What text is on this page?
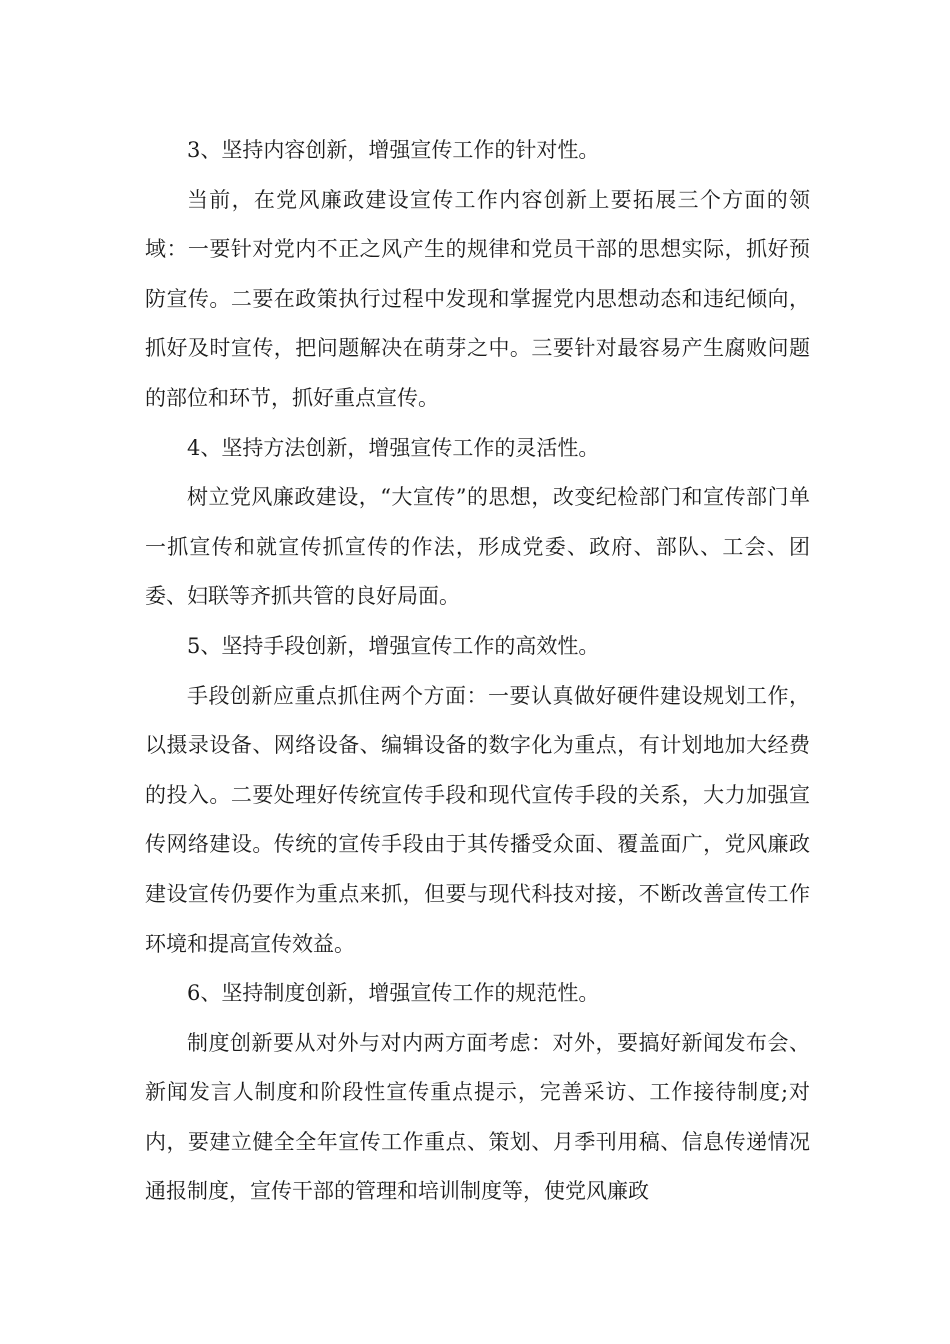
3、坚持内容创新，增强宣传工作的针对性。

当前，在党风廉政建设宣传工作内容创新上要拓展三个方面的领域：一要针对党内不正之风产生的规律和党员干部的思想实际，抓好预防宣传。二要在政策执行过程中发现和掌握党内思想动态和违纪倾向，抓好及时宣传，把问题解决在萌芽之中。三要针对最容易产生腐败问题的部位和环节，抓好重点宣传。

4、坚持方法创新，增强宣传工作的灵活性。

树立党风廉政建设，“大宣传”的思想，改变纪检部门和宣传部门单一抓宣传和就宣传抓宣传的作法，形成党委、政府、部队、工会、团委、妇联等齐抓共管的良好局面。

5、坚持手段创新，增强宣传工作的高效性。

手段创新应重点抓住两个方面：一要认真做好硬件建设规划工作，以摄录设备、网络设备、编辑设备的数字化为重点，有计划地加大经费的投入。二要处理好传统宣传手段和现代宣传手段的关系，大力加强宣传网络建设。传统的宣传手段由于其传播受众面、覆盖面广，党风廉政建设宣传仍要作为重点来抓，但要与现代科技对接，不断改善宣传工作环境和提高宣传效益。

6、坚持制度创新，增强宣传工作的规范性。

制度创新要从对外与对内两方面考虑：对外，要搞好新闻发布会、新闻发言人制度和阶段性宣传重点提示，完善采访、工作接待制度;对内，要建立健全全年宣传工作重点、策划、月季刊用稿、信息传递情况通报制度，宣传干部的管理和培训制度等，使党风廉政
